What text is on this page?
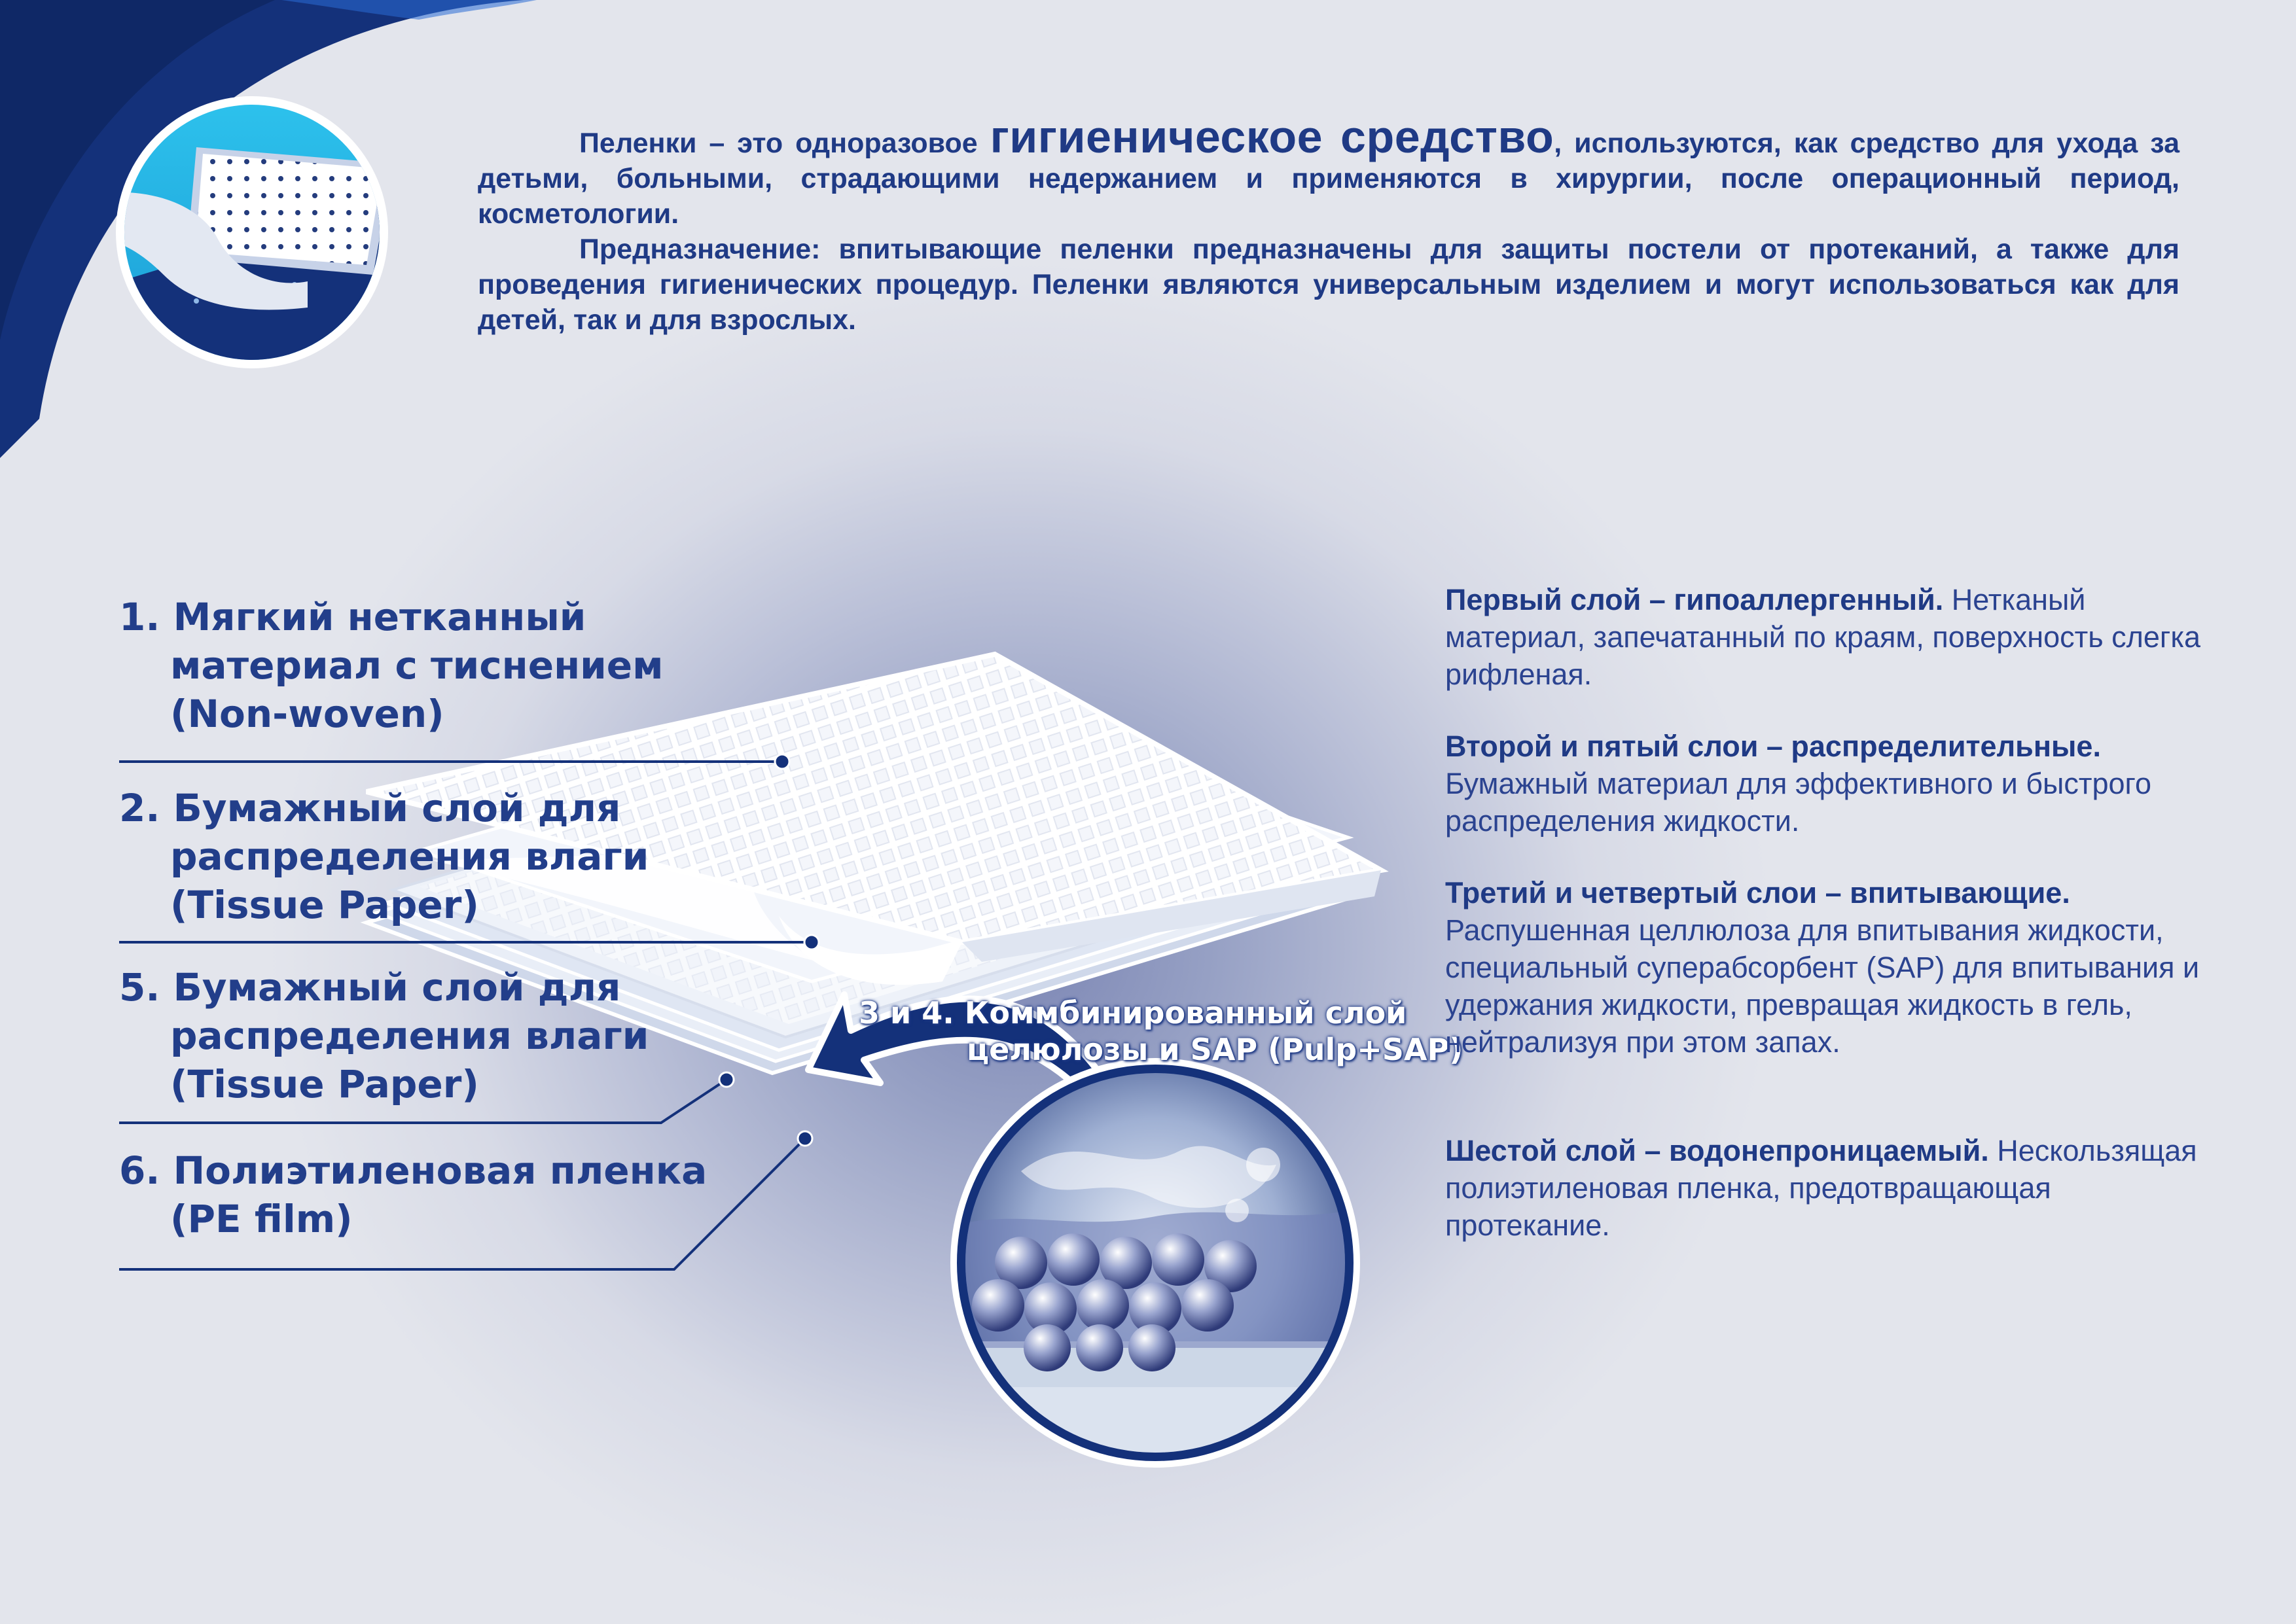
Пеленки – это одноразовое гигиеническое средство, используются, как средство для ухода за детьми, больными, страдающими недержанием и применяются в хирургии, после операционный период, косметологии.

Предназначение: впитывающие пеленки предназначены для защиты постели от протеканий, а также для проведения гигиенических процедур. Пеленки являются универсальным изделием и могут использоваться как для детей, так и для взрослых.

1. Мягкий нетканный
материал с тиснением
(Non-woven)
2. Бумажный слой для
распределения влаги
(Tissue Paper)
5. Бумажный слой для
распределения влаги
(Tissue Paper)
6. Полиэтиленовая пленка
(PE film)
3 и 4. Коммбинированный слой
целюлозы и SAP (Pulp+SAP)
Первый слой – гипоаллергенный. Нетканый материал, запечатанный по краям, поверхность слегка рифленая.
Второй и пятый слои – распределительные. Бумажный материал для эффективного и быстрого распределения жидкости.
Третий и четвертый слои – впитывающие. Распушенная целлюлоза для впитывания жидкости, специальный суперабсорбент (SAP) для впитывания и удержания жидкости, превращая жидкость в гель, нейтрализуя при этом запах.
Шестой слой – водонепроницаемый. Нескользящая полиэтиленовая пленка, предотвращающая протекание.
